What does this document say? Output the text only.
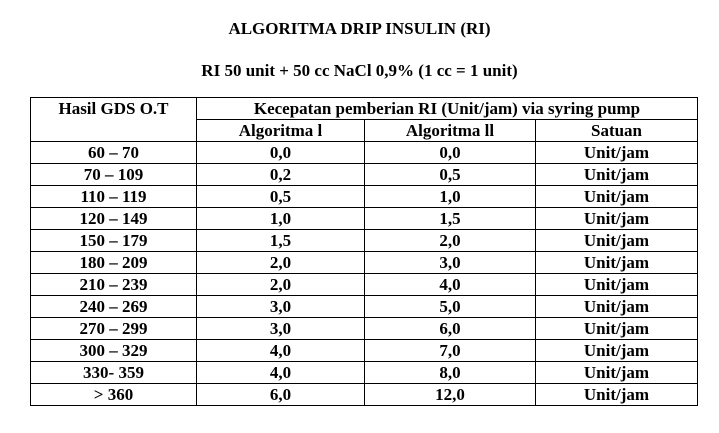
ALGORITMA DRIP INSULIN (RI)
RI 50 unit + 50 cc NaCl 0,9% (1 cc = 1 unit)
Hasil GDS O.T	Kecepatan pemberian RI (Unit/jam) via syring pump		
	Algoritma l	Algoritma ll	Satuan
60 – 70	0,0	0,0	Unit/jam
70 – 109	0,2	0,5	Unit/jam
110 – 119	0,5	1,0	Unit/jam
120 – 149	1,0	1,5	Unit/jam
150 – 179	1,5	2,0	Unit/jam
180 – 209	2,0	3,0	Unit/jam
210 – 239	2,0	4,0	Unit/jam
240 – 269	3,0	5,0	Unit/jam
270 – 299	3,0	6,0	Unit/jam
300 – 329	4,0	7,0	Unit/jam
330- 359	4,0	8,0	Unit/jam
> 360	6,0	12,0	Unit/jam
